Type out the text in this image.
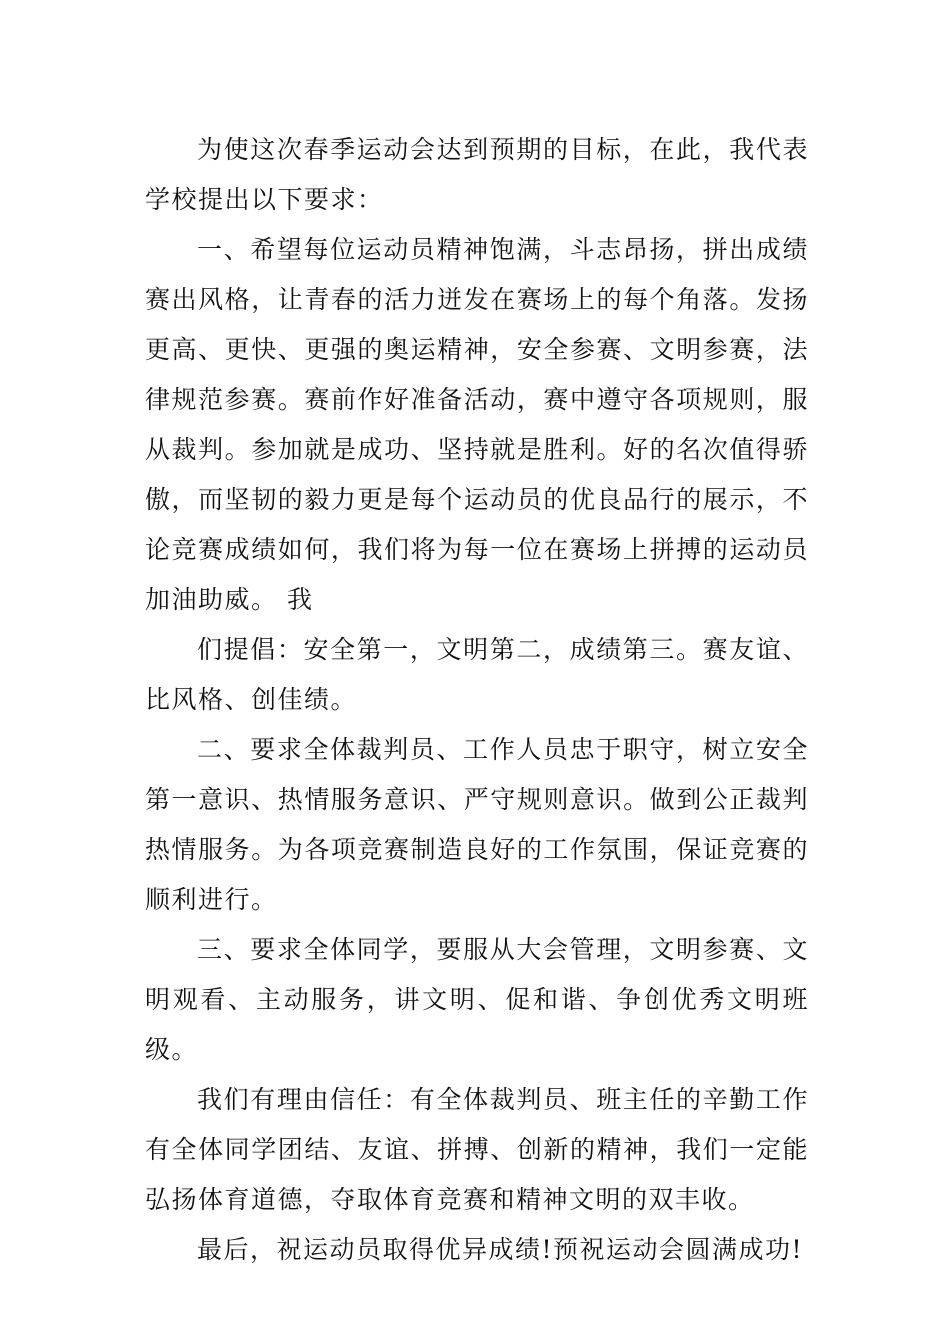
为使这次春季运动会达到预期的目标，在此，我代表学校提出以下要求：

一、希望每位运动员精神饱满，斗志昂扬，拼出成绩赛出风格，让青春的活力迸发在赛场上的每个角落。发扬更高、更快、更强的奥运精神，安全参赛、文明参赛，法律规范参赛。赛前作好准备活动，赛中遵守各项规则，服从裁判。参加就是成功、坚持就是胜利。好的名次值得骄傲，而坚韧的毅力更是每个运动员的优良品行的展示，不论竞赛成绩如何，我们将为每一位在赛场上拼搏的运动员加油助威。 我

们提倡：安全第一，文明第二，成绩第三。赛友谊、比风格、创佳绩。

二、要求全体裁判员、工作人员忠于职守，树立安全第一意识、热情服务意识、严守规则意识。做到公正裁判热情服务。为各项竞赛制造良好的工作氛围，保证竞赛的顺利进行。

三、要求全体同学，要服从大会管理，文明参赛、文明观看、主动服务，讲文明、促和谐、争创优秀文明班级。

我们有理由信任：有全体裁判员、班主任的辛勤工作有全体同学团结、友谊、拼搏、创新的精神，我们一定能弘扬体育道德，夺取体育竞赛和精神文明的双丰收。

最后，祝运动员取得优异成绩!预祝运动会圆满成功!
